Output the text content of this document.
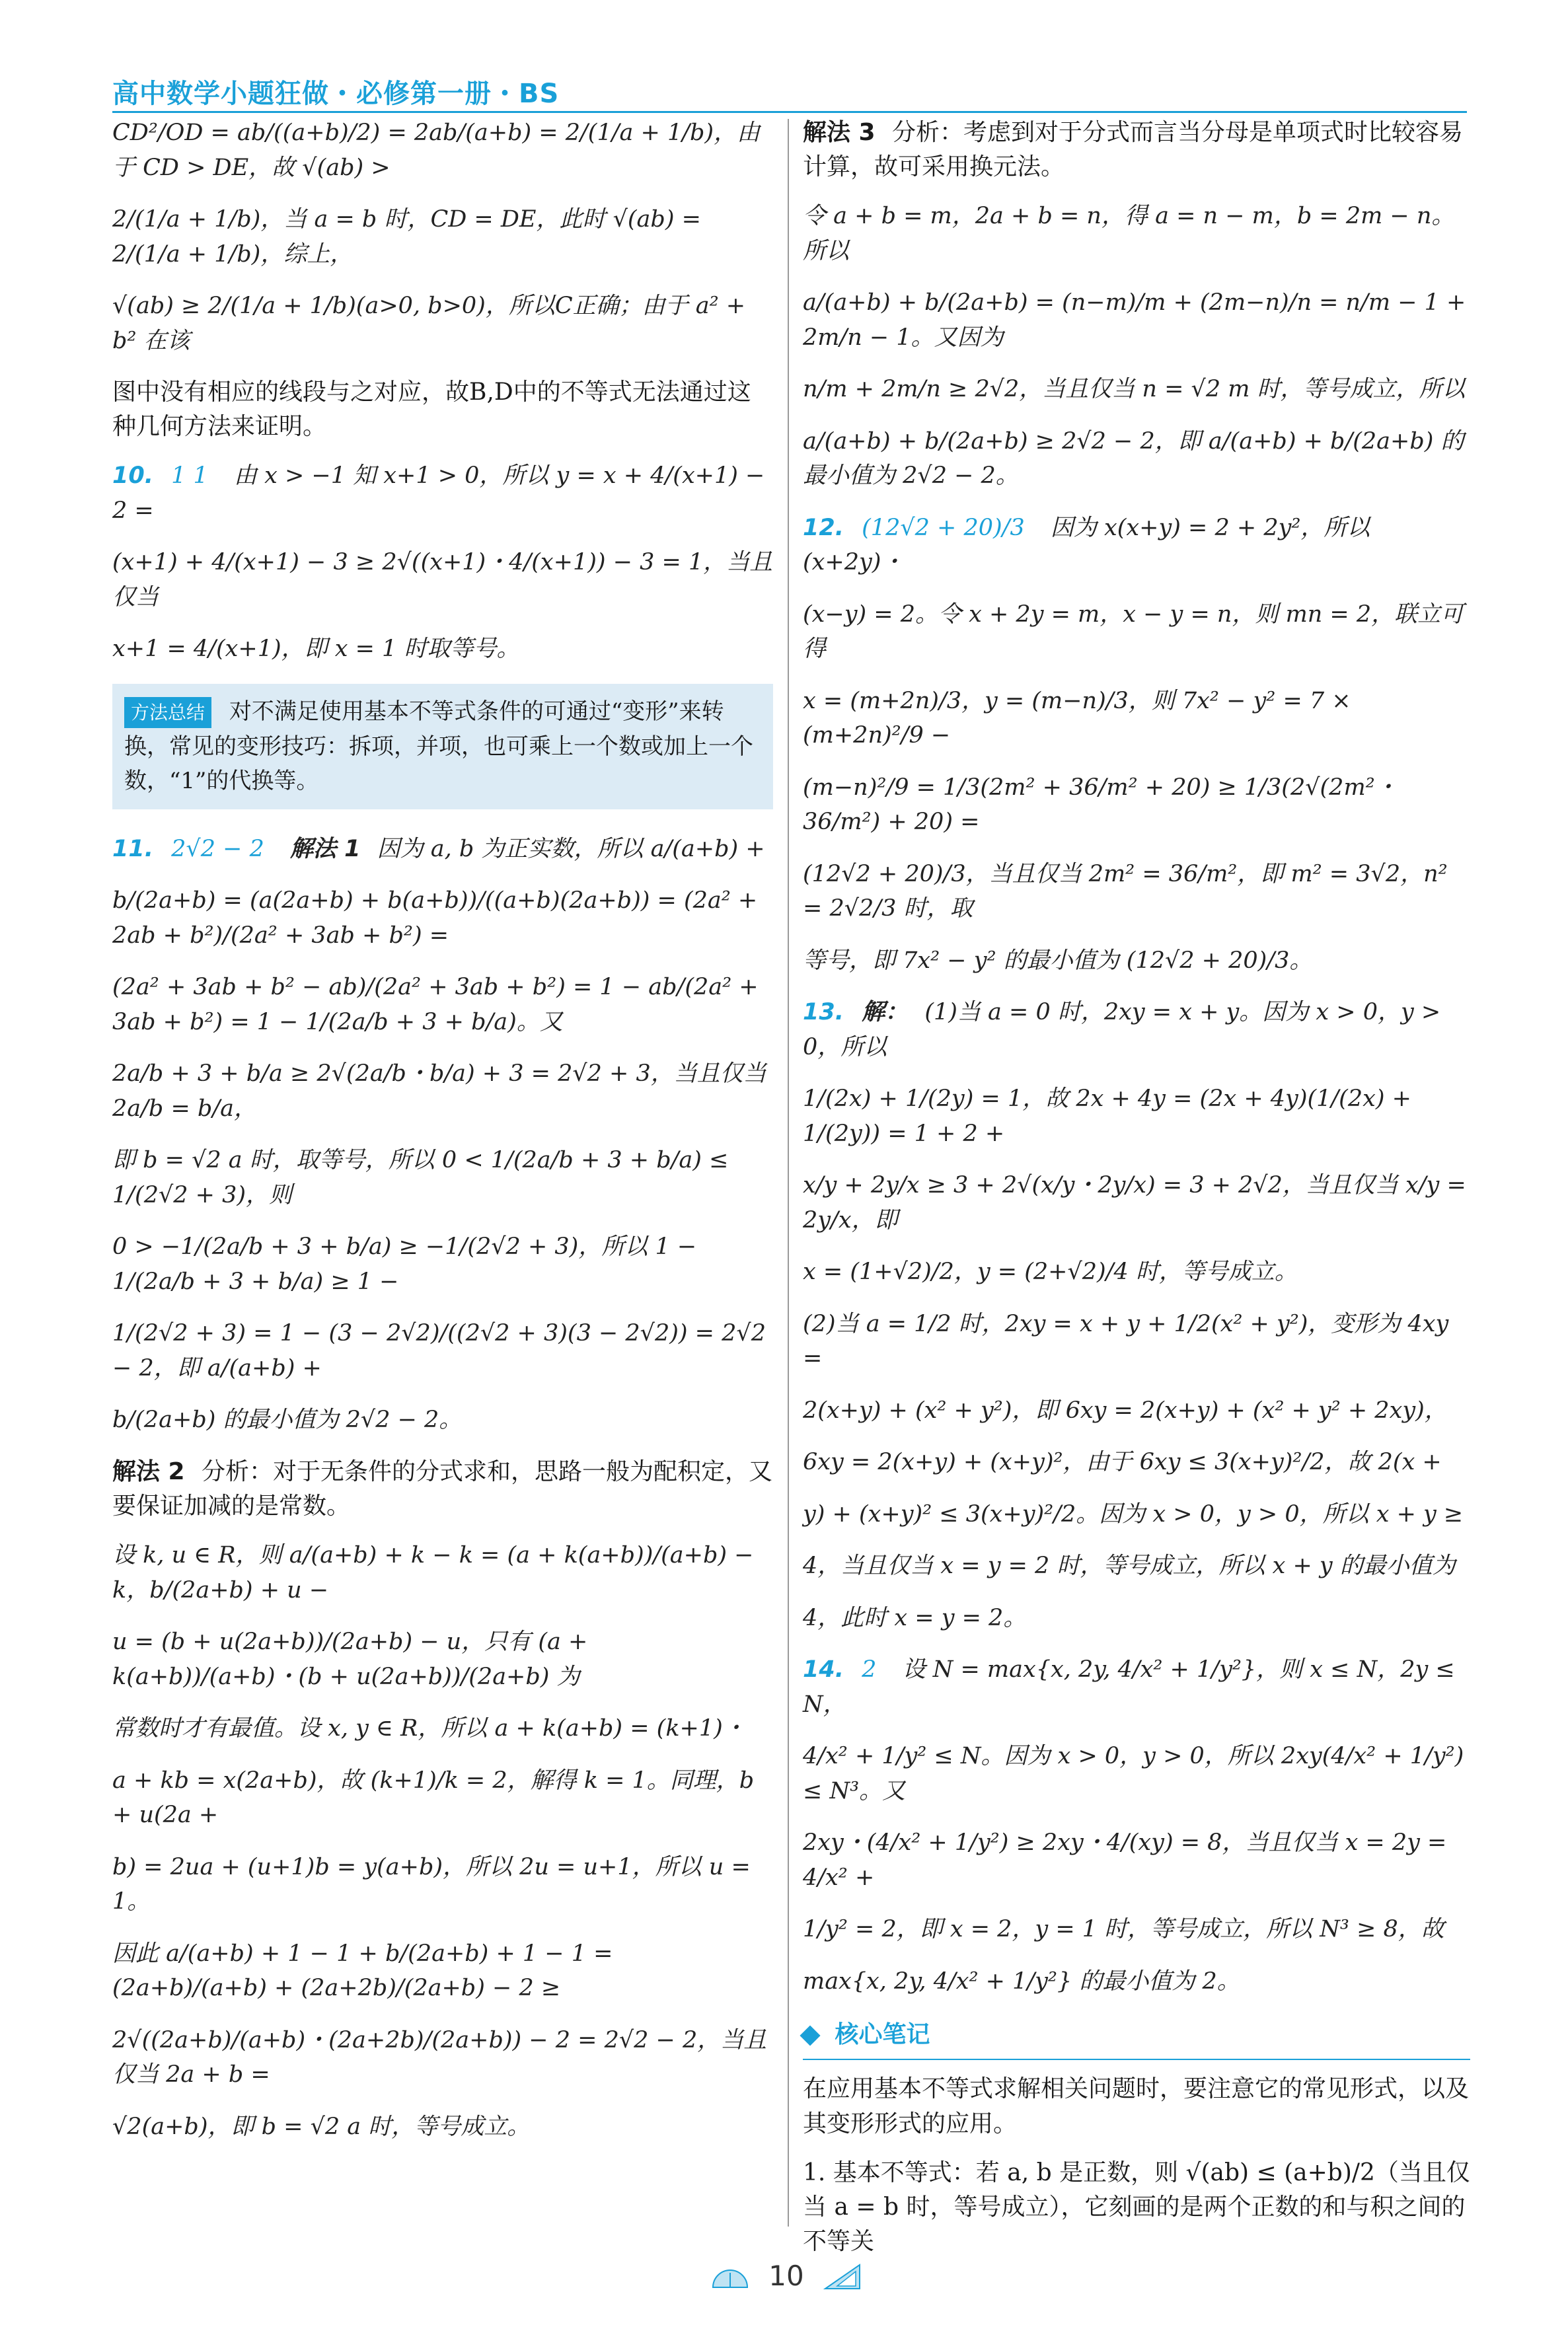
高中数学小题狂做・必修第一册・BS
CD²/OD = ab/((a+b)/2) = 2ab/(a+b) = 2/(1/a + 1/b)，由于 CD > DE，故 √(ab) >
2/(1/a + 1/b)，当 a = b 时，CD = DE，此时 √(ab) = 2/(1/a + 1/b)，综上，
√(ab) ≥ 2/(1/a + 1/b)(a>0, b>0)，所以C正确；由于 a² + b² 在该
图中没有相应的线段与之对应，故B,D中的不等式无法通过这种几何方法来证明。
10. 1 1 由 x > −1 知 x+1 > 0，所以 y = x + 4/(x+1) − 2 =
(x+1) + 4/(x+1) − 3 ≥ 2√((x+1)・4/(x+1)) − 3 = 1，当且仅当
x+1 = 4/(x+1)，即 x = 1 时取等号。
方法总结 对不满足使用基本不等式条件的可通过“变形”来转换，常见的变形技巧：拆项，并项，也可乘上一个数或加上一个数，“1”的代换等。
11. 2√2 − 2 解法 1 因为 a, b 为正实数，所以 a/(a+b) +
b/(2a+b) = (a(2a+b) + b(a+b))/((a+b)(2a+b)) = (2a² + 2ab + b²)/(2a² + 3ab + b²) =
(2a² + 3ab + b² − ab)/(2a² + 3ab + b²) = 1 − ab/(2a² + 3ab + b²) = 1 − 1/(2a/b + 3 + b/a)。又
2a/b + 3 + b/a ≥ 2√(2a/b・b/a) + 3 = 2√2 + 3，当且仅当 2a/b = b/a，
即 b = √2 a 时，取等号，所以 0 < 1/(2a/b + 3 + b/a) ≤ 1/(2√2 + 3)，则
0 > −1/(2a/b + 3 + b/a) ≥ −1/(2√2 + 3)，所以 1 − 1/(2a/b + 3 + b/a) ≥ 1 −
1/(2√2 + 3) = 1 − (3 − 2√2)/((2√2 + 3)(3 − 2√2)) = 2√2 − 2，即 a/(a+b) +
b/(2a+b) 的最小值为 2√2 − 2。
解法 2 分析：对于无条件的分式求和，思路一般为配积定，又要保证加减的是常数。
设 k, u ∈ R，则 a/(a+b) + k − k = (a + k(a+b))/(a+b) − k，b/(2a+b) + u −
u = (b + u(2a+b))/(2a+b) − u，只有 (a + k(a+b))/(a+b)・(b + u(2a+b))/(2a+b) 为
常数时才有最值。设 x, y ∈ R，所以 a + k(a+b) = (k+1)・
a + kb = x(2a+b)，故 (k+1)/k = 2，解得 k = 1。同理，b + u(2a +
b) = 2ua + (u+1)b = y(a+b)，所以 2u = u+1，所以 u = 1。
因此 a/(a+b) + 1 − 1 + b/(2a+b) + 1 − 1 = (2a+b)/(a+b) + (2a+2b)/(2a+b) − 2 ≥
2√((2a+b)/(a+b)・(2a+2b)/(2a+b)) − 2 = 2√2 − 2，当且仅当 2a + b =
√2(a+b)，即 b = √2 a 时，等号成立。
解法 3 分析：考虑到对于分式而言当分母是单项式时比较容易计算，故可采用换元法。
令 a + b = m，2a + b = n，得 a = n − m，b = 2m − n。所以
a/(a+b) + b/(2a+b) = (n−m)/m + (2m−n)/n = n/m − 1 + 2m/n − 1。又因为
n/m + 2m/n ≥ 2√2，当且仅当 n = √2 m 时，等号成立，所以
a/(a+b) + b/(2a+b) ≥ 2√2 − 2，即 a/(a+b) + b/(2a+b) 的最小值为 2√2 − 2。
12. (12√2 + 20)/3 因为 x(x+y) = 2 + 2y²，所以(x+2y)・
(x−y) = 2。令 x + 2y = m，x − y = n，则 mn = 2，联立可得
x = (m+2n)/3，y = (m−n)/3，则 7x² − y² = 7 × (m+2n)²/9 −
(m−n)²/9 = 1/3(2m² + 36/m² + 20) ≥ 1/3(2√(2m²・36/m²) + 20) =
(12√2 + 20)/3，当且仅当 2m² = 36/m²，即 m² = 3√2，n² = 2√2/3 时，取
等号，即 7x² − y² 的最小值为 (12√2 + 20)/3。
13. 解： (1)当 a = 0 时，2xy = x + y。因为 x > 0，y > 0，所以
1/(2x) + 1/(2y) = 1，故 2x + 4y = (2x + 4y)(1/(2x) + 1/(2y)) = 1 + 2 +
x/y + 2y/x ≥ 3 + 2√(x/y・2y/x) = 3 + 2√2，当且仅当 x/y = 2y/x，即
x = (1+√2)/2，y = (2+√2)/4 时，等号成立。
(2)当 a = 1/2 时，2xy = x + y + 1/2(x² + y²)，变形为 4xy =
2(x+y) + (x² + y²)，即 6xy = 2(x+y) + (x² + y² + 2xy)，
6xy = 2(x+y) + (x+y)²，由于 6xy ≤ 3(x+y)²/2，故 2(x +
y) + (x+y)² ≤ 3(x+y)²/2。因为 x > 0，y > 0，所以 x + y ≥
4，当且仅当 x = y = 2 时，等号成立，所以 x + y 的最小值为
4，此时 x = y = 2。
14. 2 设 N = max{x, 2y, 4/x² + 1/y²}，则 x ≤ N，2y ≤ N，
4/x² + 1/y² ≤ N。因为 x > 0，y > 0，所以 2xy(4/x² + 1/y²) ≤ N³。又
2xy・(4/x² + 1/y²) ≥ 2xy・4/(xy) = 8，当且仅当 x = 2y = 4/x² +
1/y² = 2，即 x = 2，y = 1 时，等号成立，所以 N³ ≥ 8，故
max{x, 2y, 4/x² + 1/y²} 的最小值为 2。
核心笔记
在应用基本不等式求解相关问题时，要注意它的常见形式，以及其变形形式的应用。
1. 基本不等式：若 a, b 是正数，则 √(ab) ≤ (a+b)/2（当且仅当 a = b 时，等号成立），它刻画的是两个正数的和与积之间的不等关
10
